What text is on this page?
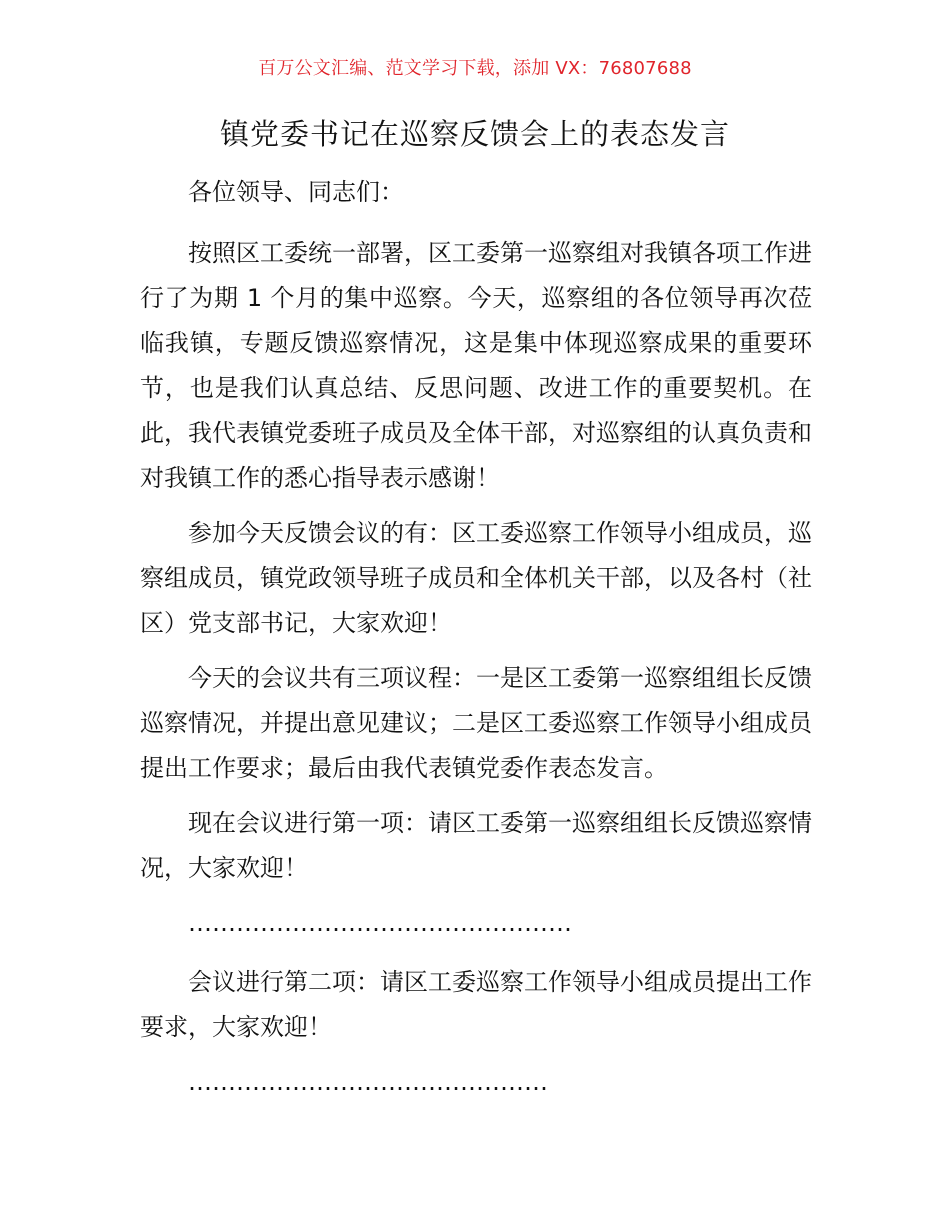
百万公文汇编、范文学习下载，添加 VX：76807688
镇党委书记在巡察反馈会上的表态发言

各位领导、同志们：

按照区工委统一部署，区工委第一巡察组对我镇各项工作进行了为期 1 个月的集中巡察。今天，巡察组的各位领导再次莅临我镇，专题反馈巡察情况，这是集中体现巡察成果的重要环节，也是我们认真总结、反思问题、改进工作的重要契机。在此，我代表镇党委班子成员及全体干部，对巡察组的认真负责和对我镇工作的悉心指导表示感谢！

参加今天反馈会议的有：区工委巡察工作领导小组成员，巡察组成员，镇党政领导班子成员和全体机关干部，以及各村（社区）党支部书记，大家欢迎！

今天的会议共有三项议程：一是区工委第一巡察组组长反馈巡察情况，并提出意见建议；二是区工委巡察工作领导小组成员提出工作要求；最后由我代表镇党委作表态发言。

现在会议进行第一项：请区工委第一巡察组组长反馈巡察情况，大家欢迎！

…………………………………………

会议进行第二项：请区工委巡察工作领导小组成员提出工作要求，大家欢迎！

………………………………………
